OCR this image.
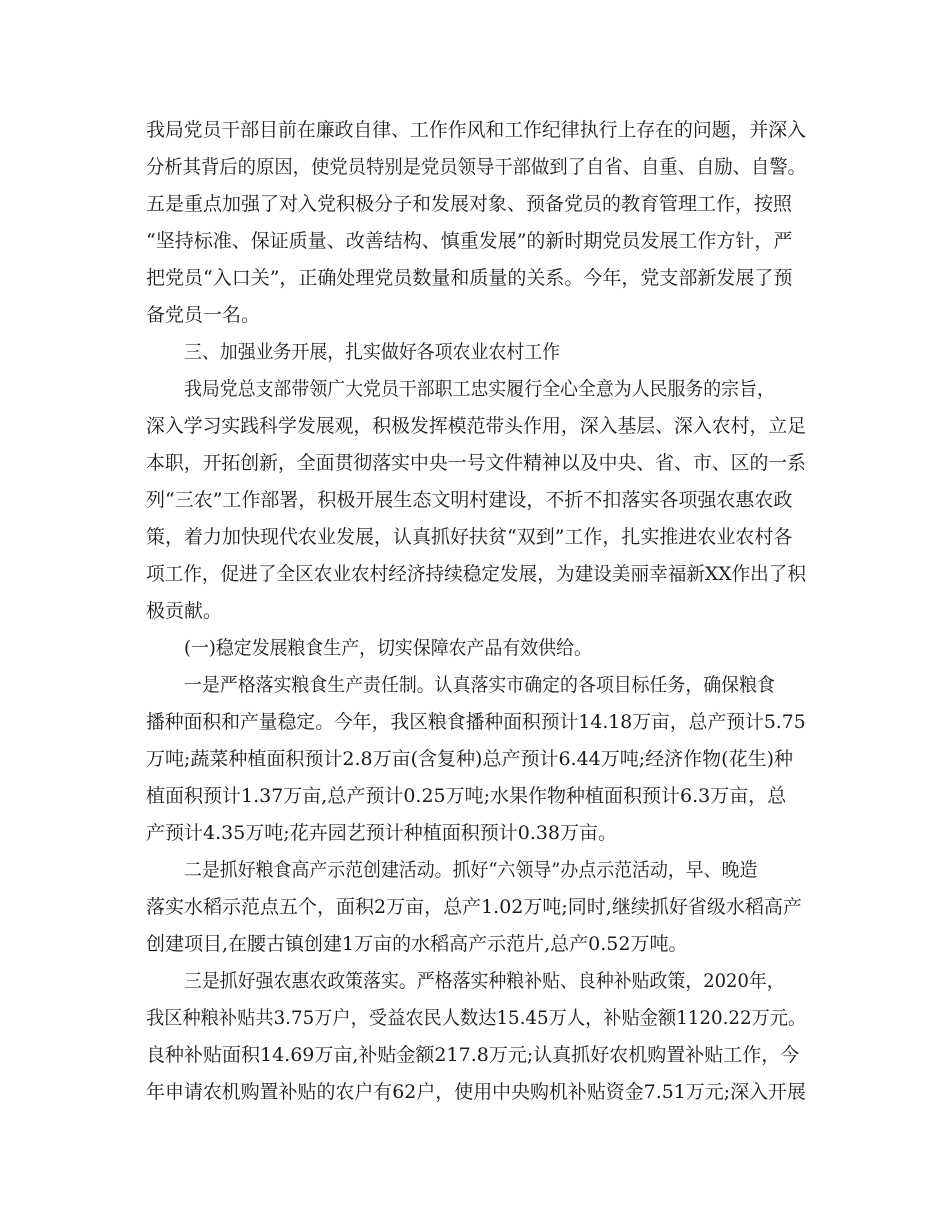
我局党员干部目前在廉政自律、工作作风和工作纪律执行上存在的问题，并深入
分析其背后的原因，使党员特别是党员领导干部做到了自省、自重、自励、自警。
五是重点加强了对入党积极分子和发展对象、预备党员的教育管理工作，按照
“坚持标准、保证质量、改善结构、慎重发展”的新时期党员发展工作方针，严
把党员“入口关”，正确处理党员数量和质量的关系。今年，党支部新发展了预
备党员一名。
三、加强业务开展，扎实做好各项农业农村工作
我局党总支部带领广大党员干部职工忠实履行全心全意为人民服务的宗旨，
深入学习实践科学发展观，积极发挥模范带头作用，深入基层、深入农村，立足
本职，开拓创新，全面贯彻落实中央一号文件精神以及中央、省、市、区的一系
列“三农”工作部署，积极开展生态文明村建设，不折不扣落实各项强农惠农政
策，着力加快现代农业发展，认真抓好扶贫“双到”工作，扎实推进农业农村各
项工作，促进了全区农业农村经济持续稳定发展，为建设美丽幸福新XX作出了积
极贡献。
(一)稳定发展粮食生产，切实保障农产品有效供给。
一是严格落实粮食生产责任制。认真落实市确定的各项目标任务，确保粮食
播种面积和产量稳定。今年，我区粮食播种面积预计14.18万亩，总产预计5.75
万吨;蔬菜种植面积预计2.8万亩(含复种)总产预计6.44万吨;经济作物(花生)种
植面积预计1.37万亩,总产预计0.25万吨;水果作物种植面积预计6.3万亩，总
产预计4.35万吨;花卉园艺预计种植面积预计0.38万亩。
二是抓好粮食高产示范创建活动。抓好“六领导”办点示范活动，早、晚造
落实水稻示范点五个，面积2万亩，总产1.02万吨;同时,继续抓好省级水稻高产
创建项目,在腰古镇创建1万亩的水稻高产示范片,总产0.52万吨。
三是抓好强农惠农政策落实。严格落实种粮补贴、良种补贴政策，2020年，
我区种粮补贴共3.75万户，受益农民人数达15.45万人，补贴金额1120.22万元。
良种补贴面积14.69万亩,补贴金额217.8万元;认真抓好农机购置补贴工作，今
年申请农机购置补贴的农户有62户，使用中央购机补贴资金7.51万元;深入开展
